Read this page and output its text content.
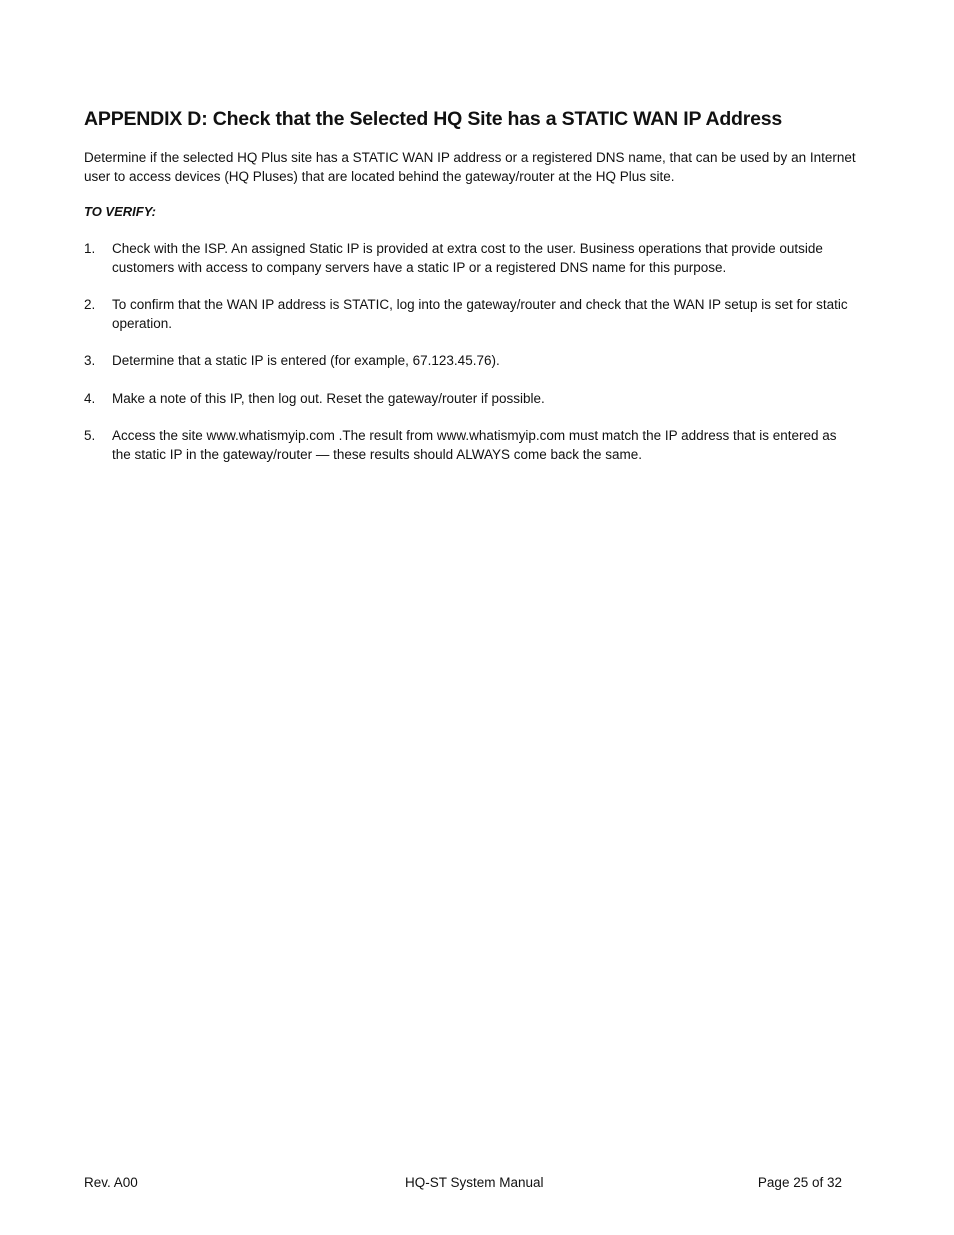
APPENDIX D: Check that the Selected HQ Site has a STATIC WAN IP Address

Determine if the selected HQ Plus site has a STATIC WAN IP address or a registered DNS name, that can be used by an Internet user to access devices (HQ Pluses) that are located behind the gateway/router at the HQ Plus site.

TO VERIFY:

1. Check with the ISP. An assigned Static IP is provided at extra cost to the user. Business operations that provide outside customers with access to company servers have a static IP or a registered DNS name for this purpose.
2. To confirm that the WAN IP address is STATIC, log into the gateway/router and check that the WAN IP setup is set for static operation.
3. Determine that a static IP is entered (for example, 67.123.45.76).
4. Make a note of this IP, then log out. Reset the gateway/router if possible.
5. Access the site www.whatismyip.com .The result from www.whatismyip.com must match the IP address that is entered as the static IP in the gateway/router — these results should ALWAYS come back the same.
Rev. A00	HQ-ST System Manual	Page 25 of 32
